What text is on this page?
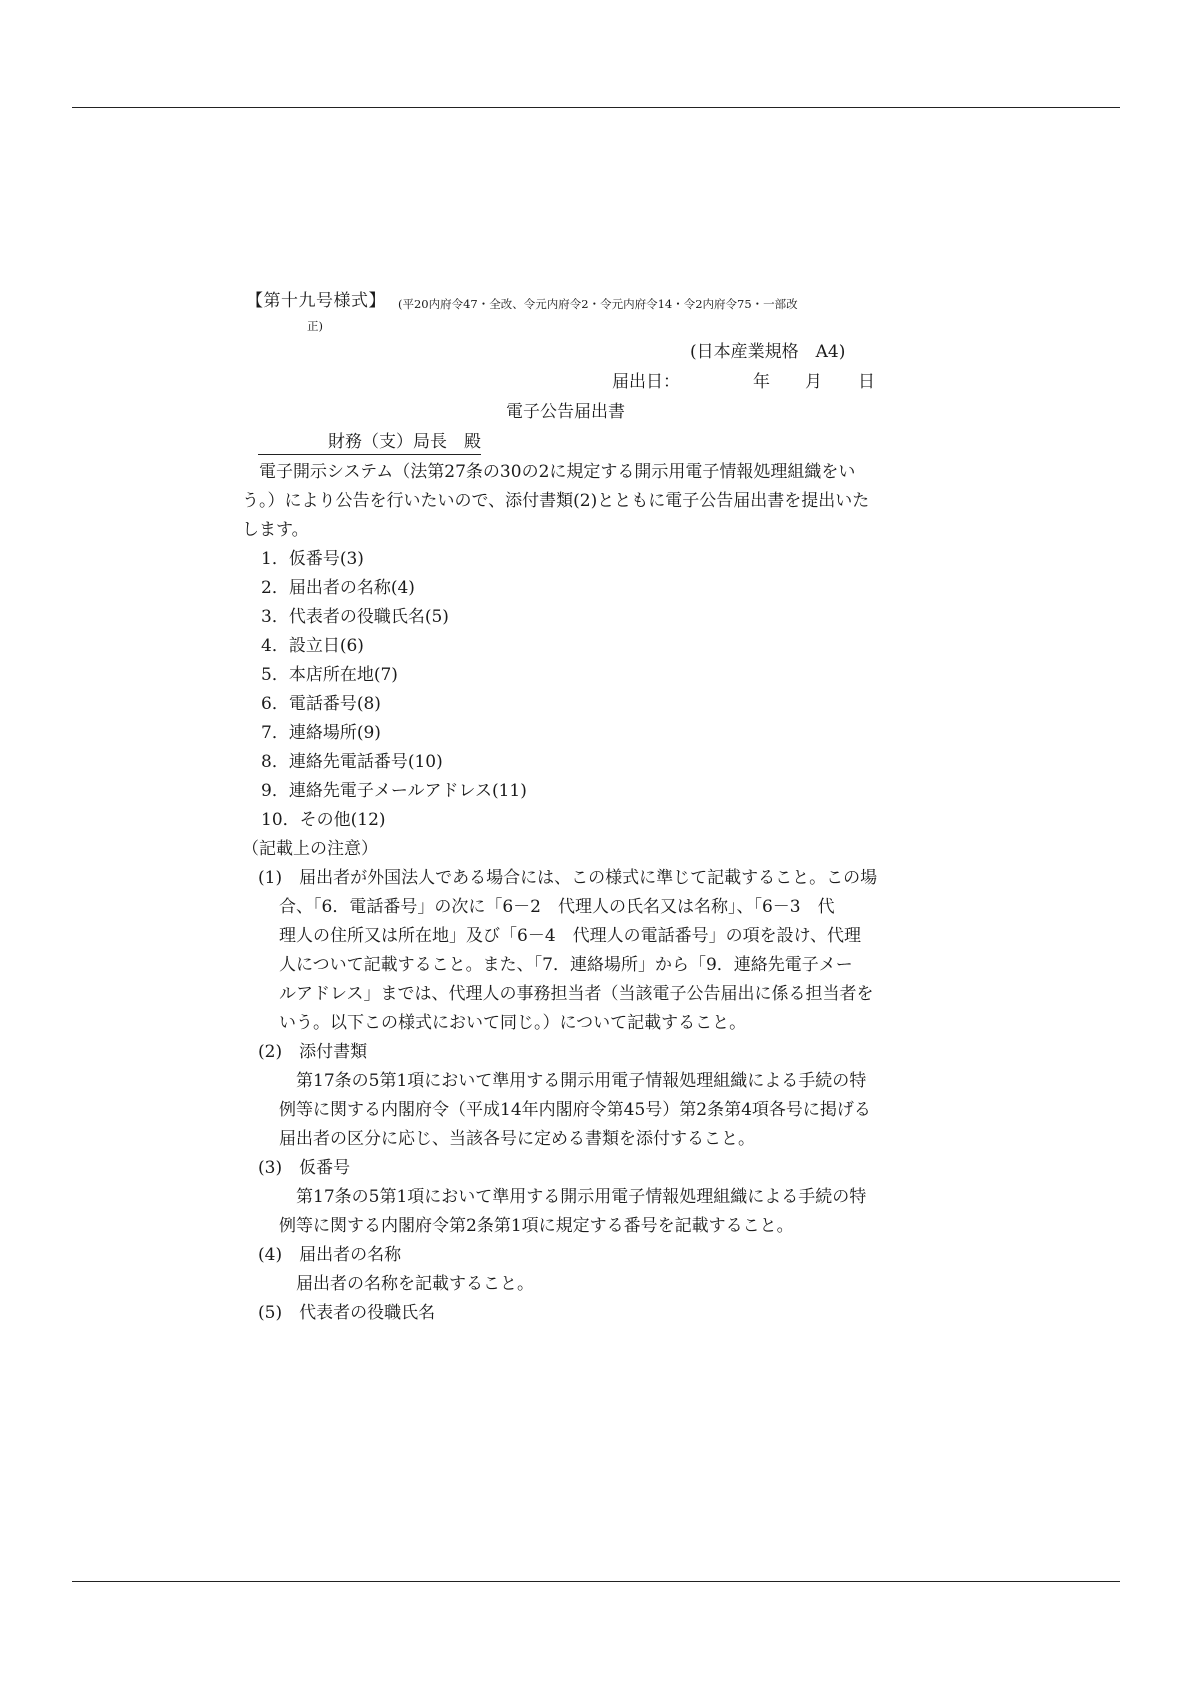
【第十九号様式】 (平20内府令47・全改、令元内府令2・令元内府令14・令2内府令75・一部改
正)
(日本産業規格　A4)
届出日：	年 月 日
電子公告届出書
財務（支）局長　殿
電子開示システム（法第27条の30の2に規定する開示用電子情報処理組織をい
う。）により公告を行いたいので、添付書類(2)とともに電子公告届出書を提出いた
します。
1．仮番号(3)
2．届出者の名称(4)
3．代表者の役職氏名(5)
4．設立日(6)
5．本店所在地(7)
6．電話番号(8)
7．連絡場所(9)
8．連絡先電話番号(10)
9．連絡先電子メールアドレス(11)
10．その他(12)
（記載上の注意）
(1)　届出者が外国法人である場合には、この様式に準じて記載すること。この場
合、「6．電話番号」の次に「6－2　代理人の氏名又は名称」、「6－3　代
理人の住所又は所在地」及び「6－4　代理人の電話番号」の項を設け、代理
人について記載すること。また、「7．連絡場所」から「9．連絡先電子メー
ルアドレス」までは、代理人の事務担当者（当該電子公告届出に係る担当者を
いう。以下この様式において同じ。）について記載すること。
(2)　添付書類
第17条の5第1項において準用する開示用電子情報処理組織による手続の特
例等に関する内閣府令（平成14年内閣府令第45号）第2条第4項各号に掲げる
届出者の区分に応じ、当該各号に定める書類を添付すること。
(3)　仮番号
第17条の5第1項において準用する開示用電子情報処理組織による手続の特
例等に関する内閣府令第2条第1項に規定する番号を記載すること。
(4)　届出者の名称
届出者の名称を記載すること。
(5)　代表者の役職氏名
